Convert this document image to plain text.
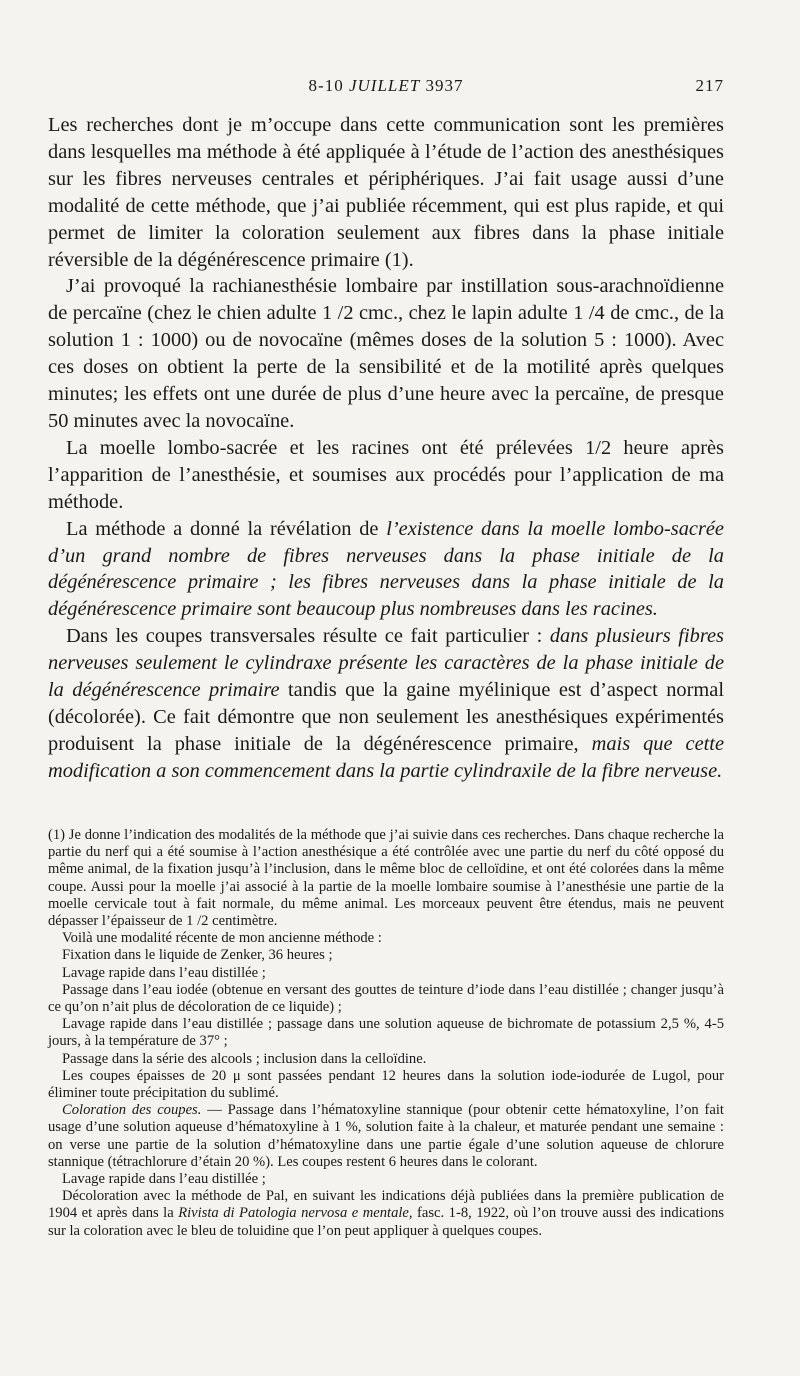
8-10 JUILLET 3937	217

Les recherches dont je m’occupe dans cette communication sont les premières dans lesquelles ma méthode à été appliquée à l’étude de l’action des anesthésiques sur les fibres nerveuses centrales et périphériques. J’ai fait usage aussi d’une modalité de cette méthode, que j’ai publiée récemment, qui est plus rapide, et qui permet de limiter la coloration seulement aux fibres dans la phase initiale réversible de la dégénérescence primaire (1).

J’ai provoqué la rachianesthésie lombaire par instillation sous-arachnoïdienne de percaïne (chez le chien adulte 1 /2 cmc., chez le lapin adulte 1 /4 de cmc., de la solution 1 : 1000) ou de novocaïne (mêmes doses de la solution 5 : 1000). Avec ces doses on obtient la perte de la sensibilité et de la motilité après quelques minutes; les effets ont une durée de plus d’une heure avec la percaïne, de presque 50 minutes avec la novocaïne.

La moelle lombo-sacrée et les racines ont été prélevées 1/2 heure après l’apparition de l’anesthésie, et soumises aux procédés pour l’application de ma méthode.

La méthode a donné la révélation de l’existence dans la moelle lombo-sacrée d’un grand nombre de fibres nerveuses dans la phase initiale de la dégénérescence primaire ; les fibres nerveuses dans la phase initiale de la dégénérescence primaire sont beaucoup plus nombreuses dans les racines.

Dans les coupes transversales résulte ce fait particulier : dans plusieurs fibres nerveuses seulement le cylindraxe présente les caractères de la phase initiale de la dégénérescence primaire tandis que la gaine myélinique est d’aspect normal (décolorée). Ce fait démontre que non seulement les anesthésiques expérimentés produisent la phase initiale de la dégénérescence primaire, mais que cette modification a son commencement dans la partie cylindraxile de la fibre nerveuse.

(1) Je donne l’indication des modalités de la méthode que j’ai suivie dans ces recherches. Dans chaque recherche la partie du nerf qui a été soumise à l’action anesthésique a été contrôlée avec une partie du nerf du côté opposé du même animal, de la fixation jusqu’à l’inclusion, dans le même bloc de celloïdine, et ont été colorées dans la même coupe. Aussi pour la moelle j’ai associé à la partie de la moelle lombaire soumise à l’anesthésie une partie de la moelle cervicale tout à fait normale, du même animal. Les morceaux peuvent être étendus, mais ne peuvent dépasser l’épaisseur de 1 /2 centimètre.

Voilà une modalité récente de mon ancienne méthode :

Fixation dans le liquide de Zenker, 36 heures ;

Lavage rapide dans l’eau distillée ;

Passage dans l’eau iodée (obtenue en versant des gouttes de teinture d’iode dans l’eau distillée ; changer jusqu’à ce qu’on n’ait plus de décoloration de ce liquide) ;

Lavage rapide dans l’eau distillée ; passage dans une solution aqueuse de bichromate de potassium 2,5 %, 4-5 jours, à la température de 37° ;

Passage dans la série des alcools ; inclusion dans la celloïdine.

Les coupes épaisses de 20 μ sont passées pendant 12 heures dans la solution iode-iodurée de Lugol, pour éliminer toute précipitation du sublimé.

Coloration des coupes. — Passage dans l’hématoxyline stannique (pour obtenir cette hématoxyline, l’on fait usage d’une solution aqueuse d’hématoxyline à 1 %, solution faite à la chaleur, et maturée pendant une semaine : on verse une partie de la solution d’hématoxyline dans une partie égale d’une solution aqueuse de chlorure stannique (tétrachlorure d’étain 20 %). Les coupes restent 6 heures dans le colorant.

Lavage rapide dans l’eau distillée ;

Décoloration avec la méthode de Pal, en suivant les indications déjà publiées dans la première publication de 1904 et après dans la Rivista di Patologia nervosa e mentale, fasc. 1-8, 1922, où l’on trouve aussi des indications sur la coloration avec le bleu de toluidine que l’on peut appliquer à quelques coupes.
